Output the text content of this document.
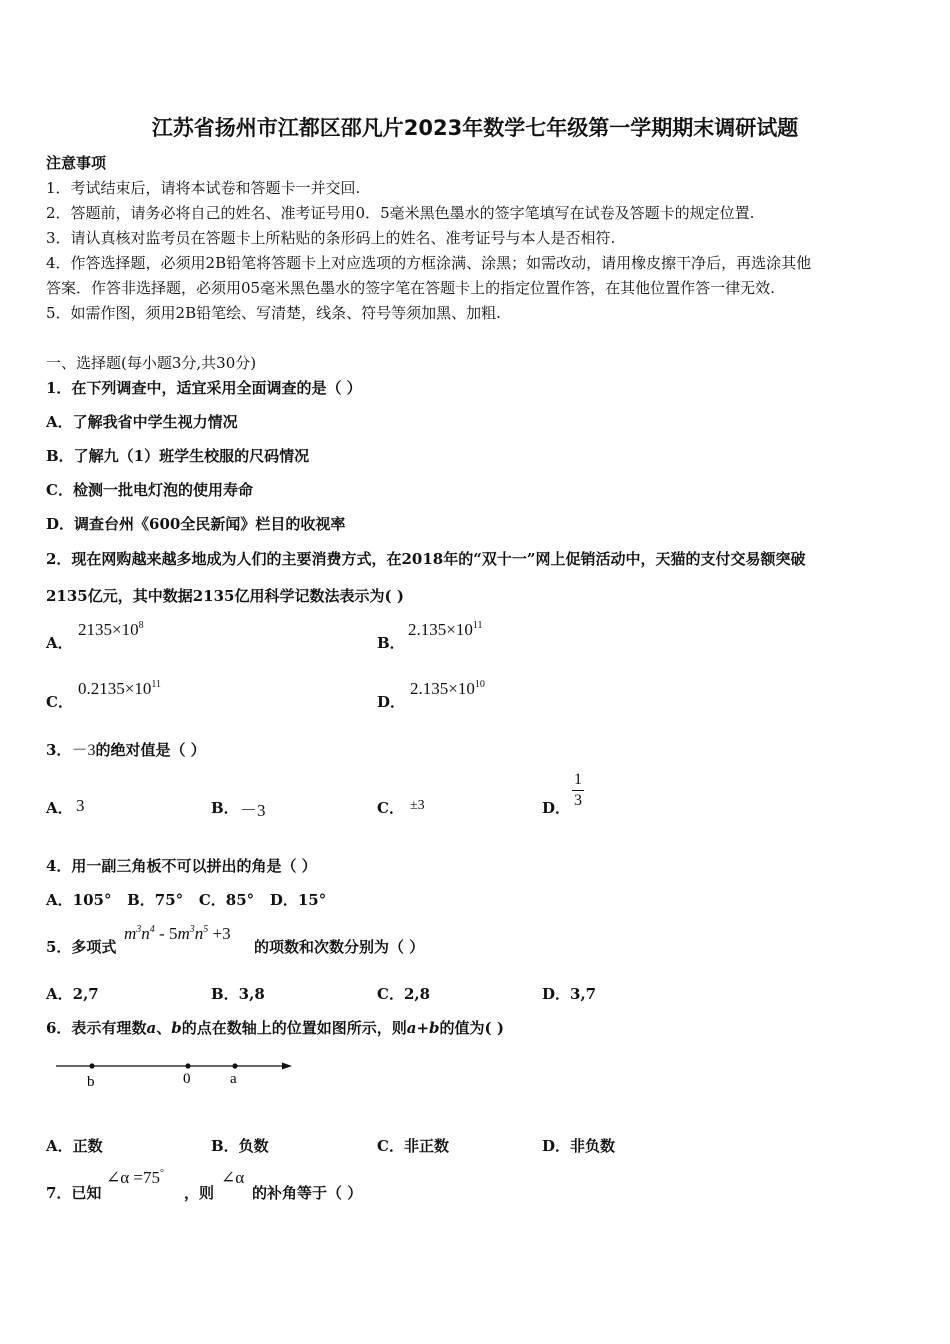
江苏省扬州市江都区邵凡片2023年数学七年级第一学期期末调研试题
注意事项
1．考试结束后，请将本试卷和答题卡一并交回.
2．答题前，请务必将自己的姓名、准考证号用0．5毫米黑色墨水的签字笔填写在试卷及答题卡的规定位置.
3．请认真核对监考员在答题卡上所粘贴的条形码上的姓名、准考证号与本人是否相符.
4．作答选择题，必须用2B铅笔将答题卡上对应选项的方框涂满、涂黑；如需改动，请用橡皮擦干净后，再选涂其他
答案．作答非选择题，必须用05毫米黑色墨水的签字笔在答题卡上的指定位置作答，在其他位置作答一律无效.
5．如需作图，须用2B铅笔绘、写清楚，线条、符号等须加黑、加粗.
一、选择题(每小题3分,共30分)
1．在下列调查中，适宜采用全面调查的是（ ）
A．了解我省中学生视力情况
B．了解九（1）班学生校服的尺码情况
C．检测一批电灯泡的使用寿命
D．调查台州《600全民新闻》栏目的收视率
2．现在网购越来越多地成为人们的主要消费方式，在2018年的“双十一”网上促销活动中，天猫的支付交易额突破
2135亿元，其中数据2135亿用科学记数法表示为( )
A．
$2135\times 10^8$
B．
$2.135\times 10^{11}$
C．
$0.2135\times 10^{11}$
D．
$2.135\times 10^{10}$
3．－3的绝对值是（ ）
A． 3	B． －3	C． ±3	D． $\frac{1}{3}$
4．用一副三角板不可以拼出的角是（ ）
A．105°   B．75°   C．85°   D．15°
5．多项式
$m^3n^4 - 5m^3n^5 +3$
的项数和次数分别为（ ）
A．2,7	B．3,8	C．2,8	D．3,7
6．表示有理数a、b的点在数轴上的位置如图所示，则a+b的值为( )
b	0	a
A．正数	B．负数	C．非正数	D．非负数
7．已知
∠α =75°
，则
∠α
的补角等于（ ）
